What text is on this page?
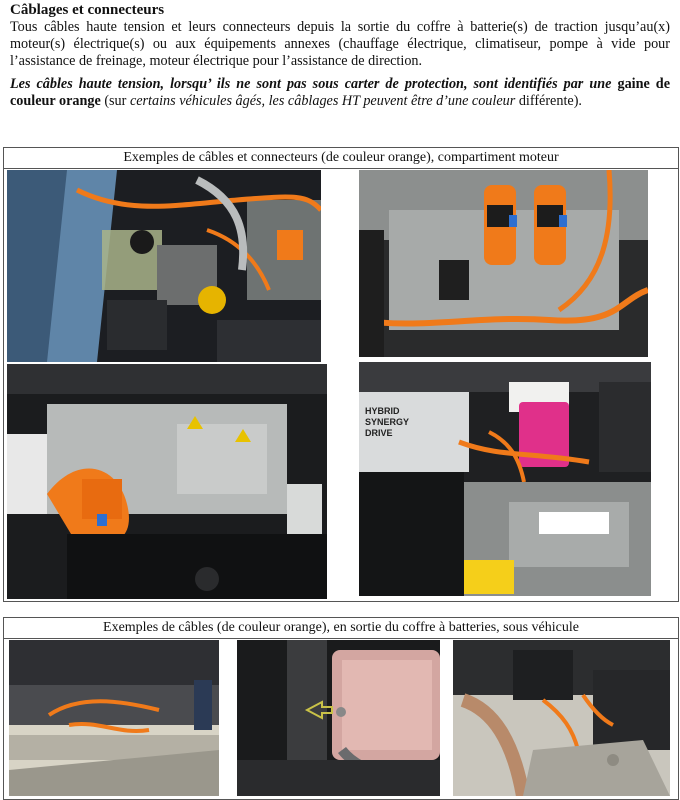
Câblages et connecteurs

Tous câbles haute tension et leurs connecteurs depuis la sortie du coffre à batterie(s) de traction jusqu’au(x) moteur(s) électrique(s) ou aux équipements annexes (chauffage électrique, climatiseur, pompe à vide pour l’assistance de freinage, moteur électrique pour l’assistance de direction.

Les câbles haute tension, lorsqu’ ils ne sont pas sous carter de protection, sont identifiés par une gaine de couleur orange (sur certains véhicules âgés, les câblages HT peuvent être d’une couleur différente).

Exemples de câbles et connecteurs (de couleur orange), compartiment moteur
HYBRID
SYNERGY
DRIVE
Exemples de câbles (de couleur orange), en sortie du coffre à batteries, sous véhicule
